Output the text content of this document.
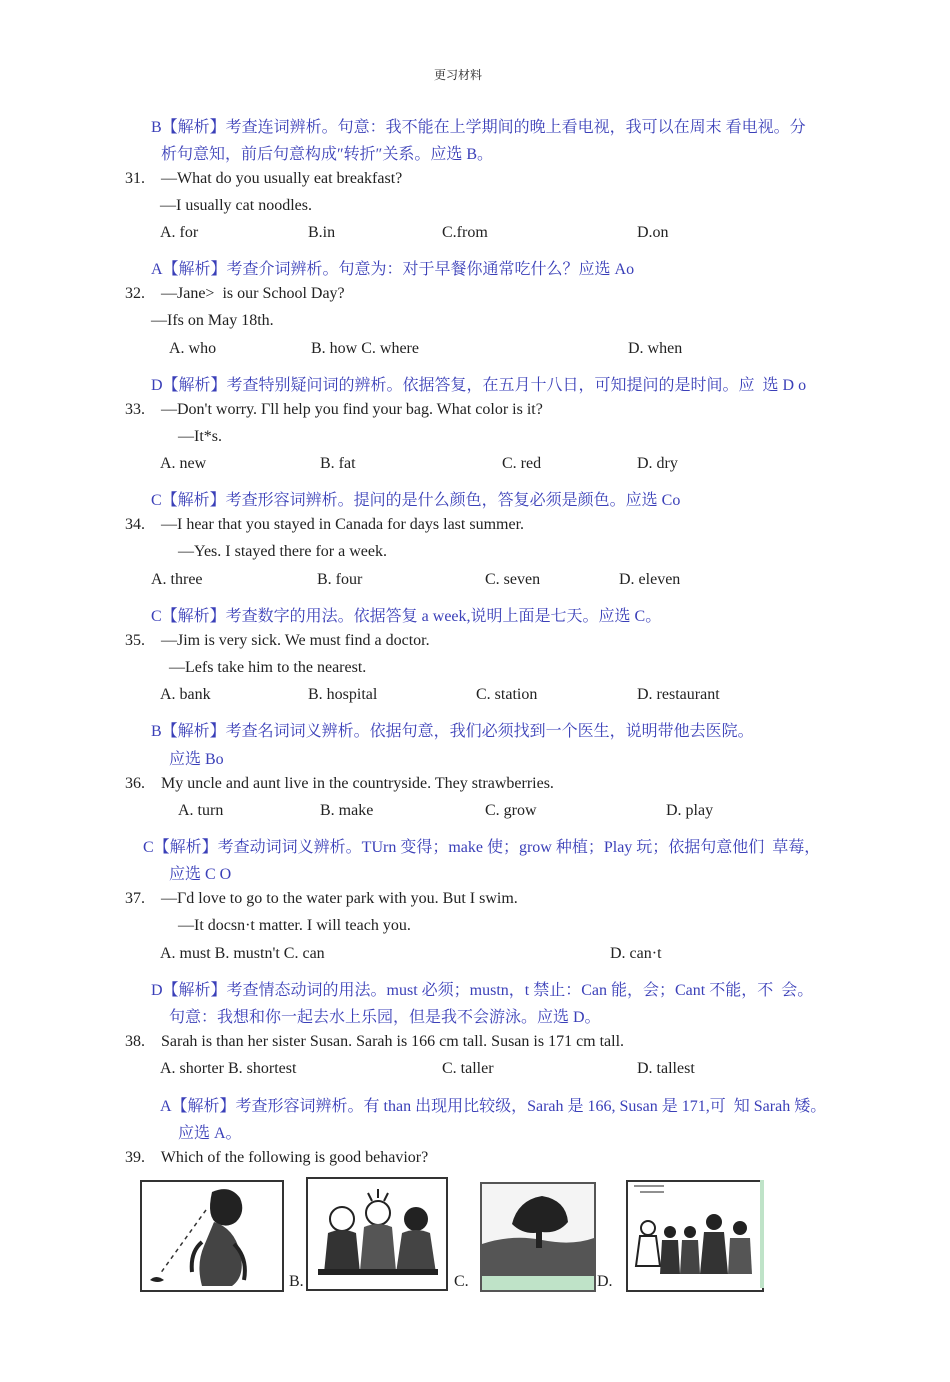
更习材料
B【解析】考查连词辨析。句意：我不能在上学期间的晚上看电视，我可以在周末 看电视。分
析句意知，前后句意构成″转折″关系。应选 B。
31.    —What do you usually eat breakfast?
—I usually cat noodles.
A. for	B.in	C.from	D.on
A【解析】考查介词辨析。句意为：对于早餐你通常吃什么？应选 Ao
32.    —Jane>  is our School Day?
—Ifs on May 18th.
A. who	B. how C. where	D. when
D【解析】考查特别疑问词的辨析。依据答复，在五月十八日，可知提问的是时间。应  选 D o
33.    —Don't worry. Γll help you find your bag. What color is it?
—It*s.
A. new	B. fat	C. red	D. dry
C【解析】考查形容词辨析。提问的是什么颜色，答复必须是颜色。应选 Co
34.    —I hear that you stayed in Canada for days last summer.
—Yes. I stayed there for a week.
A. three	B. four	C. seven	D. eleven
C【解析】考查数字的用法。依据答复 a week,说明上面是七天。应选 C。
35.    —Jim is very sick. We must find a doctor.
—Lefs take him to the nearest.
A. bank	B. hospital	C. station	D. restaurant
B【解析】考查名词词义辨析。依据句意，我们必须找到一个医生，说明带他去医院。
应选 Bo
36.    My uncle and aunt live in the countryside. They strawberries.
A. turn	B. make	C. grow	D. play
C【解析】考查动词词义辨析。TUrn 变得；make 使；grow 种植；Play 玩；依据句意他们  草莓，
应选 C O
37.    —Γd love to go to the water park with you. But I swim.
—It docsn·t matter. I will teach you.
A. must B. mustn't C. can	D. can·t
D【解析】考查情态动词的用法。must 必须；mustn，t 禁止：Can 能，会；Cant 不能，不  会。
句意：我想和你一起去水上乐园，但是我不会游泳。应选 D。
38.    Sarah is than her sister Susan. Sarah is 166 cm tall. Susan is 171 cm tall.
A. shorter B. shortest	C. taller	D. tallest
A【解析】考查形容词辨析。有 than 出现用比较级，Sarah 是 166, Susan 是 171,可  知 Sarah 矮。
应选 A。
39.    Which of the following is good behavior?
B.	C.	D.
